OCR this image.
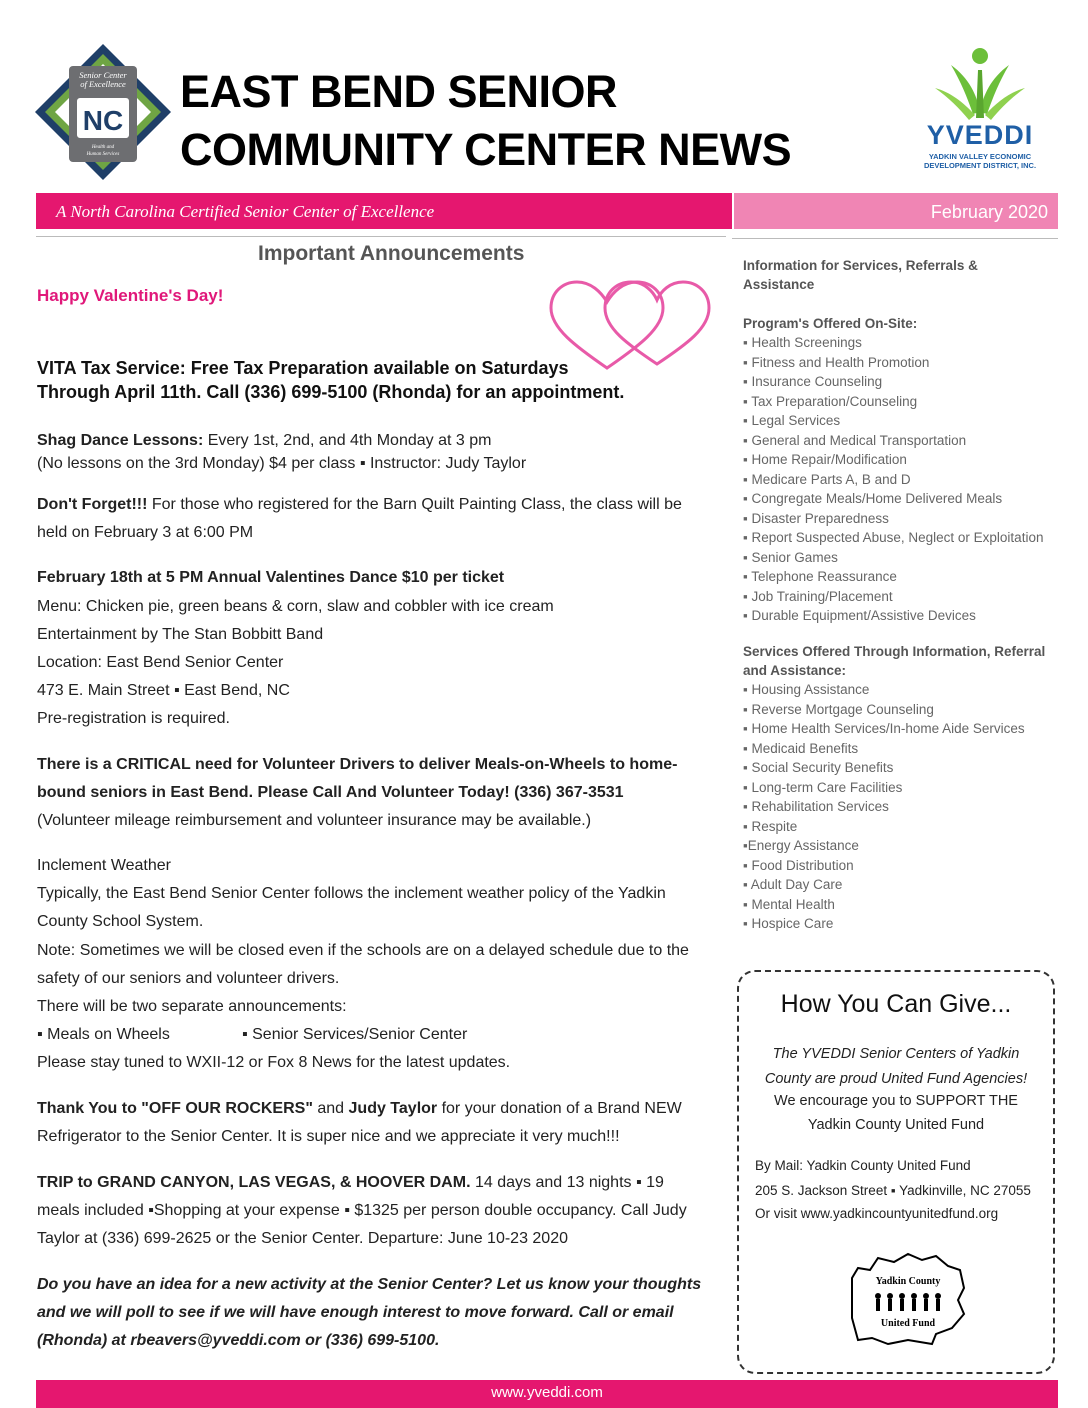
Senior Center
of Excellence
NC
Health and
Human Services
EAST BEND SENIOR
COMMUNITY CENTER NEWS	YVEDDI
YADKIN VALLEY ECONOMIC
DEVELOPMENT DISTRICT, INC.
A North Carolina Certified Senior Center of Excellence	February 2020
Important Announcements
Happy Valentine's Day!
VITA Tax Service: Free Tax Preparation available on Saturdays
Through April 11th. Call (336) 699-5100 (Rhonda) for an appointment.
Shag Dance Lessons: Every 1st, 2nd, and 4th Monday at 3 pm
(No lessons on the 3rd Monday) $4 per class ▪ Instructor: Judy Taylor
Don't Forget!!! For those who registered for the Barn Quilt Painting Class, the class will be
held on February 3 at 6:00 PM
February 18th at 5 PM Annual Valentines Dance $10 per ticket
Menu: Chicken pie, green beans & corn, slaw and cobbler with ice cream
Entertainment by The Stan Bobbitt Band
Location: East Bend Senior Center
473 E. Main Street ▪ East Bend, NC
Pre-registration is required.
There is a CRITICAL need for Volunteer Drivers to deliver Meals-on-Wheels to home-
bound seniors in East Bend. Please Call And Volunteer Today! (336) 367-3531
(Volunteer mileage reimbursement and volunteer insurance may be available.)
Inclement Weather
Typically, the East Bend Senior Center follows the inclement weather policy of the Yadkin
County School System.
Note: Sometimes we will be closed even if the schools are on a delayed schedule due to the
safety of our seniors and volunteer drivers.
There will be two separate announcements:
▪ Meals on Wheels	▪ Senior Services/Senior Center
Please stay tuned to WXII-12 or Fox 8 News for the latest updates.
Thank You to "OFF OUR ROCKERS" and Judy Taylor for your donation of a Brand NEW
Refrigerator to the Senior Center. It is super nice and we appreciate it very much!!!
TRIP to GRAND CANYON, LAS VEGAS, & HOOVER DAM. 14 days and 13 nights ▪ 19
meals included ▪Shopping at your expense ▪ $1325 per person double occupancy. Call Judy
Taylor at (336) 699-2625 or the Senior Center. Departure: June 10-23 2020
Do you have an idea for a new activity at the Senior Center? Let us know your thoughts
and we will poll to see if we will have enough interest to move forward. Call or email
(Rhonda) at rbeavers@yveddi.com or (336) 699-5100.
Information for Services, Referrals &
Assistance
Program's Offered On-Site:
▪ Health Screenings
▪ Fitness and Health Promotion
▪ Insurance Counseling
▪ Tax Preparation/Counseling
▪ Legal Services
▪ General and Medical Transportation
▪ Home Repair/Modification
▪ Medicare Parts A, B and D
▪ Congregate Meals/Home Delivered Meals
▪ Disaster Preparedness
▪ Report Suspected Abuse, Neglect or Exploitation
▪ Senior Games
▪ Telephone Reassurance
▪ Job Training/Placement
▪ Durable Equipment/Assistive Devices
Services Offered Through Information, Referral
and Assistance:
▪ Housing Assistance
▪ Reverse Mortgage Counseling
▪ Home Health Services/In-home Aide Services
▪ Medicaid Benefits
▪ Social Security Benefits
▪ Long-term Care Facilities
▪ Rehabilitation Services
▪ Respite
▪Energy Assistance
▪ Food Distribution
▪ Adult Day Care
▪ Mental Health
▪ Hospice Care
How You Can Give...
The YVEDDI Senior Centers of Yadkin
County are proud United Fund Agencies!
We encourage you to SUPPORT THE
Yadkin County United Fund
By Mail: Yadkin County United Fund
205 S. Jackson Street ▪ Yadkinville, NC 27055
Or visit www.yadkincountyunitedfund.org
Yadkin County
United Fund
www.yveddi.com
